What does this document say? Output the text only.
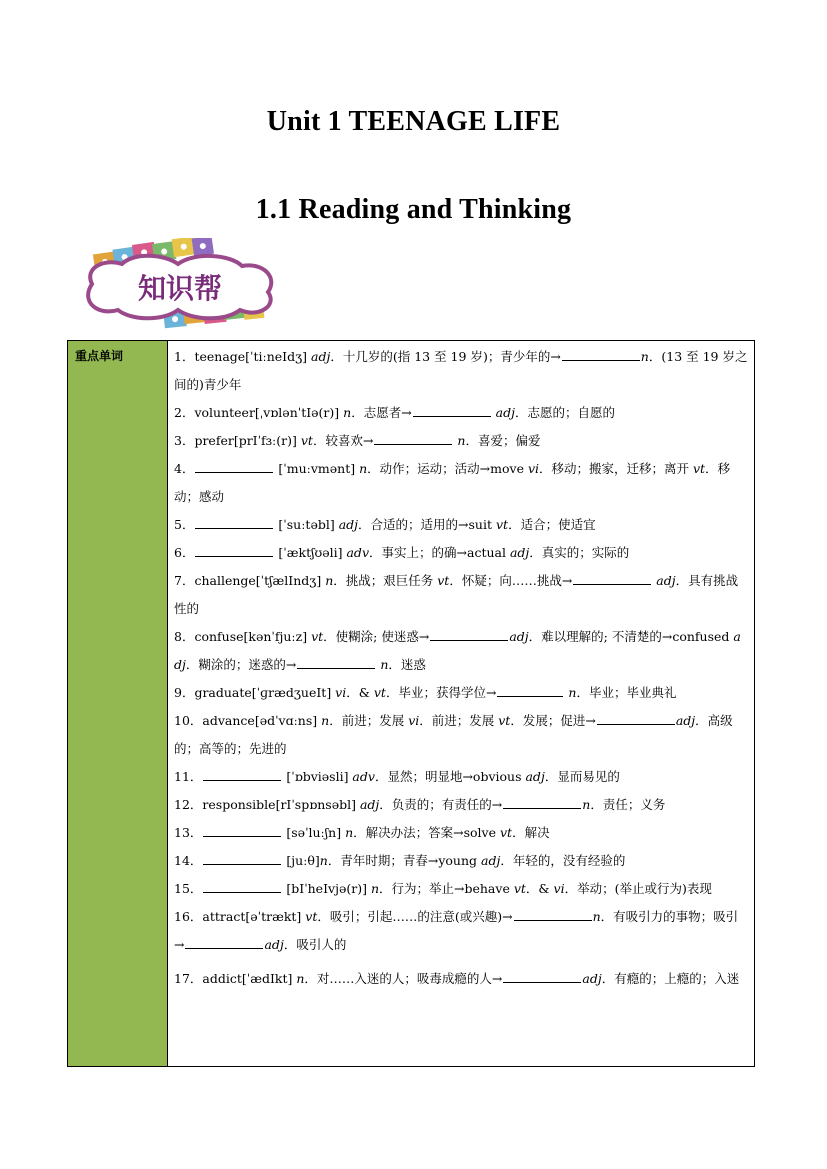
Unit 1 TEENAGE LIFE
1.1 Reading and Thinking
知识帮
重点单词	1．teenage[ˈtiːneIdʒ] adj．十几岁的(指 13 至 19 岁)；青少年的→	n．(13 至 19 岁之间的)青少年

2．volunteer[ˌvɒlənˈtIə(r)] n．志愿者→	adj．志愿的；自愿的

3．prefer[prIˈfɜː(r)] vt．较喜欢→	n．喜爱；偏爱

4．	[ˈmuːvmənt] n．动作；运动；活动→move vi．移动；搬家，迁移；离开 vt．移动；感动

5．	[ˈsuːtəbl] adj．合适的；适用的→suit vt．适合；使适宜

6．	[ˈæktʃʊəli] adv．事实上；的确→actual adj．真实的；实际的

7．challenge[ˈtʃælIndʒ] n．挑战；艰巨任务 vt．怀疑；向……挑战→	adj．具有挑战性的

8．confuse[kənˈfjuːz] vt．使糊涂; 使迷惑→	adj．难以理解的; 不清楚的→confused adj．糊涂的；迷惑的→	n．迷惑

9．graduate[ˈɡrædʒueIt] vi．& vt．毕业；获得学位→	n．毕业；毕业典礼

10．advance[ədˈvɑːns] n．前进；发展 vi．前进；发展 vt．发展；促进→	adj．高级的；高等的；先进的

11．	[ˈɒbviəsli] adv．显然；明显地→obvious adj．显而易见的

12．responsible[rIˈspɒnsəbl] adj．负责的；有责任的→	n．责任；义务

13．	[səˈluːʃn] n．解决办法；答案→solve vt．解决

14．	[juːθ]n．青年时期；青春→young adj．年轻的，没有经验的

15．	[bIˈheIvjə(r)] n．行为；举止→behave vt．& vi．举动；(举止或行为)表现

16．attract[əˈtrækt] vt．吸引；引起……的注意(或兴趣)→	n．有吸引力的事物；吸引→	adj．吸引人的

17．addict[ˈædIkt] n．对……入迷的人；吸毒成瘾的人→	adj．有瘾的；上瘾的；入迷
